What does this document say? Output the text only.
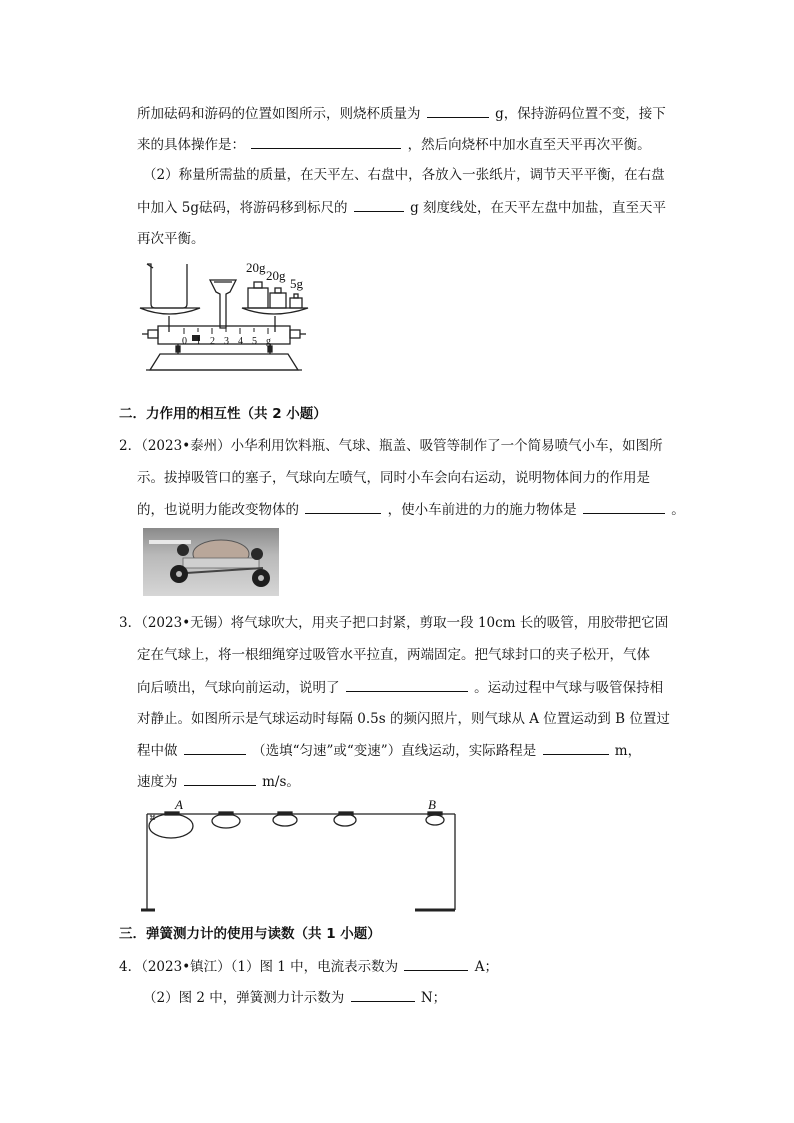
所加砝码和游码的位置如图所示，则烧杯质量为	g，保持游码位置不变，接下
来的具体操作是：	，然后向烧杯中加水直至天平再次平衡。
（2）称量所需盐的质量，在天平左、右盘中，各放入一张纸片，调节天平平衡，在右盘
中加入 5g砝码，将游码移到标尺的	g 刻度线处，在天平左盘中加盐，直至天平
再次平衡。
0 1 2 3 4 5 g
20g
20g
5g
二．力作用的相互性（共 2 小题）
2．（2023•泰州）小华利用饮料瓶、气球、瓶盖、吸管等制作了一个简易喷气小车，如图所
示。拔掉吸管口的塞子，气球向左喷气，同时小车会向右运动，说明物体间力的作用是
的，也说明力能改变物体的	，使小车前进的力的施力物体是	。
3．（2023•无锡）将气球吹大，用夹子把口封紧，剪取一段 10cm 长的吸管，用胶带把它固
定在气球上，将一根细绳穿过吸管水平拉直，两端固定。把气球封口的夹子松开，气体
向后喷出，气球向前运动，说明了	。运动过程中气球与吸管保持相
对静止。如图所示是气球运动时每隔 0.5s 的频闪照片，则气球从 A 位置运动到 B 位置过
程中做	（选填“匀速”或“变速”）直线运动，实际路程是	m，
速度为	m/s。
⌘
A	B
三．弹簧测力计的使用与读数（共 1 小题）
4．（2023•镇江）（1）图 1 中，电流表示数为	A；
（2）图 2 中，弹簧测力计示数为	N；
